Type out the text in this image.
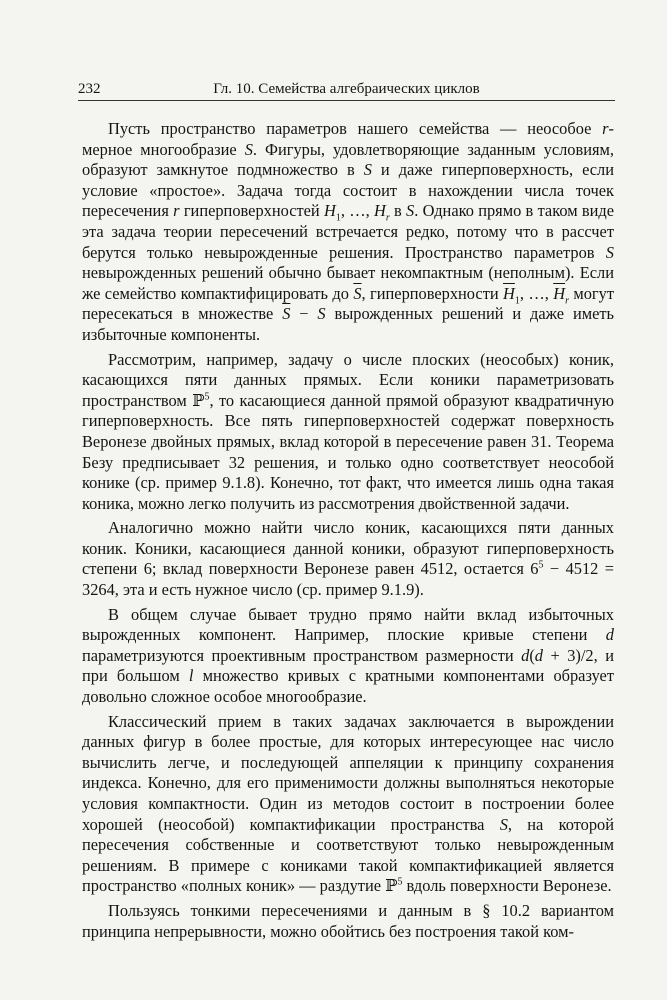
232	Гл. 10. Семейства алгебраических циклов

Пусть пространство параметров нашего семейства — неособое r-мерное многообразие S. Фигуры, удовлетворяющие заданным условиям, образуют замкнутое подмножество в S и даже гиперповерхность, если условие «простое». Задача тогда состоит в нахождении числа точек пересечения r гиперповерхностей $H_1$, …, $H_r$ в S. Однако прямо в таком виде эта задача теории пересечений встречается редко, потому что в рассчет берутся только невырожденные решения. Пространство параметров S невырожденных решений обычно бывает некомпактным (неполным). Если же семейство компактифицировать до $\overline{S}$, гиперповерхности $\overline{H}_1$, …, $\overline{H}_r$ могут пересекаться в множестве $\overline{S} - S$ вырожденных решений и даже иметь избыточные компоненты.

Рассмотрим, например, задачу о числе плоских (неособых) коник, касающихся пяти данных прямых. Если коники параметризовать пространством ℙ$^5$, то касающиеся данной прямой образуют квадратичную гиперповерхность. Все пять гиперповерхностей содержат поверхность Веронезе двойных прямых, вклад которой в пересечение равен 31. Теорема Безу предписывает 32 решения, и только одно соответствует неособой конике (ср. пример 9.1.8). Конечно, тот факт, что имеется лишь одна такая коника, можно легко получить из рассмотрения двойственной задачи.

Аналогично можно найти число коник, касающихся пяти данных коник. Коники, касающиеся данной коники, образуют гиперповерхность степени 6; вклад поверхности Веронезе равен 4512, остается $6^5 - 4512 = 3264$, эта и есть нужное число (ср. пример 9.1.9).

В общем случае бывает трудно прямо найти вклад избыточных вырожденных компонент. Например, плоские кривые степени d параметризуются проективным пространством размерности d(d + 3)/2, и при большом l множество кривых с кратными компонентами образует довольно сложное особое многообразие.

Классический прием в таких задачах заключается в вырождении данных фигур в более простые, для которых интересующее нас число вычислить легче, и последующей аппеляции к принципу сохранения индекса. Конечно, для его применимости должны выполняться некоторые условия компактности. Один из методов состоит в построении более хорошей (неособой) компактификации пространства S, на которой пересечения собственные и соответствуют только невырожденным решениям. В примере с кониками такой компактификацией является пространство «полных коник» — раздутие ℙ$^5$ вдоль поверхности Веронезе.

Пользуясь тонкими пересечениями и данным в § 10.2 вариантом принципа непрерывности, можно обойтись без построения такой ком-
